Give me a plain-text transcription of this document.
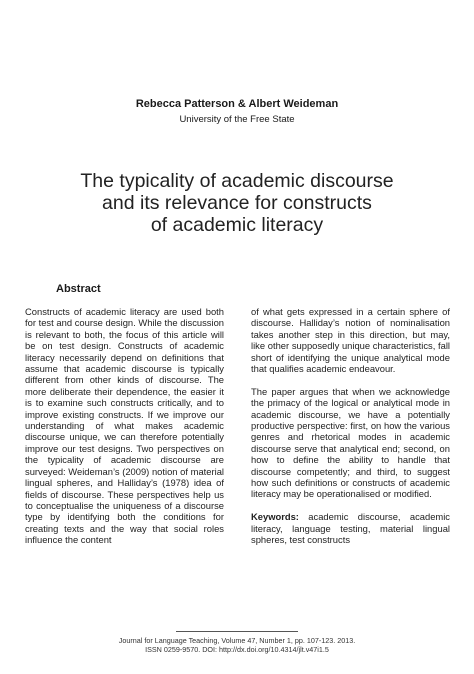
Rebecca Patterson & Albert Weideman
University of the Free State
The typicality of academic discourse
and its relevance for constructs
of academic literacy
Abstract

Constructs of academic literacy are used both for test and course design. While the discussion is relevant to both, the focus of this article will be on test design. Constructs of academic literacy necessarily depend on definitions that assume that academic discourse is typically different from other kinds of discourse. The more deliberate their dependence, the easier it is to examine such constructs critically, and to improve existing constructs. If we improve our understanding of what makes academic discourse unique, we can therefore potentially improve our test designs. Two perspectives on the typicality of academic discourse are surveyed: Weideman’s (2009) notion of material lingual spheres, and Halliday’s (1978) idea of fields of discourse. These perspectives help us to conceptualise the uniqueness of a discourse type by identifying both the conditions for creating texts and the way that social roles influence the content

of what gets expressed in a certain sphere of discourse. Halliday’s notion of nominalisation takes another step in this direction, but may, like other supposedly unique characteristics, fall short of identifying the unique analytical mode that qualifies academic endeavour.

The paper argues that when we acknowledge the primacy of the logical or analytical mode in academic discourse, we have a potentially productive perspective: first, on how the various genres and rhetorical modes in academic discourse serve that analytical end; second, on how to define the ability to handle that discourse competently; and third, to suggest how such definitions or constructs of academic literacy may be operationalised or modified.

Keywords: academic discourse, academic literacy, language testing, material lingual spheres, test constructs

Journal for Language Teaching, Volume 47, Number 1, pp. 107-123. 2013.
ISSN 0259-9570. DOI: http://dx.doi.org/10.4314/jlt.v47i1.5
